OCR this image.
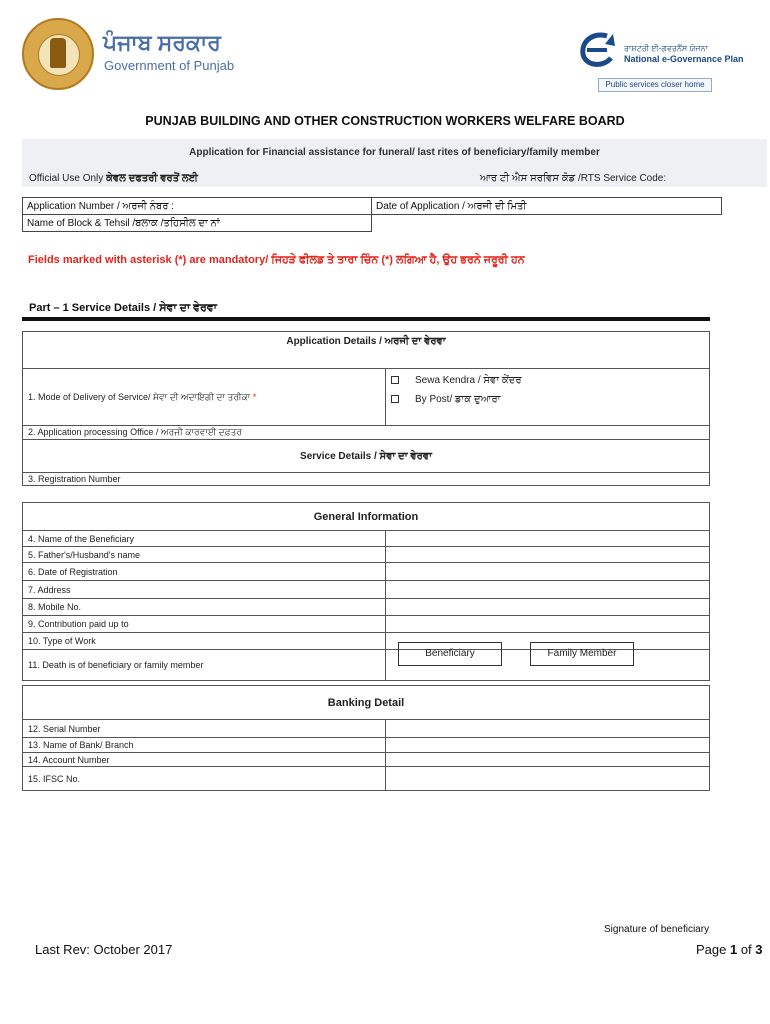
ਪੰਜਾਬ ਸਰਕਾਰ
Government of Punjab
ਰਾਸ਼ਟਰੀ ਈ-ਗਵਰਨੈਂਸ ਯੋਜਨਾ
National e-Governance Plan
Public services closer home
PUNJAB BUILDING AND OTHER CONSTRUCTION WORKERS WELFARE BOARD
Application for Financial assistance for funeral/ last rites of beneficiary/family member
Official Use Only ਕੇਵਲ ਦਫਤਰੀ ਵਰਤੋਂ ਲਈ	ਆਰ ਟੀ ਐਸ ਸਰਵਿਸ ਕੋਡ /RTS Service Code:
Application Number / ਅਰਜੀ ਨੰਬਰ :	Date of Application / ਅਰਜੀ ਦੀ ਮਿਤੀ
Name of Block & Tehsil /ਬਲਾਕ /ਤਹਿਸੀਲ ਦਾ ਨਾਂ	
Fields marked with asterisk (*) are mandatory/ ਜਿਹੜੇ ਫੀਲਡ ਤੇ ਤਾਰਾ ਚਿੰਨ (*) ਲਗਿਆ ਹੈ, ਉਹ ਭਰਨੇ ਜਰੂਰੀ ਹਨ
Part – 1 Service Details / ਸੇਵਾ ਦਾ ਵੇਰਵਾ
Application Details / ਅਰਜੀ ਦਾ ਵੇਰਵਾ
1. Mode of Delivery of Service/ ਸੇਵਾ ਦੀ ਅਦਾਇਗੀ ਦਾ ਤਰੀਕਾ *	
Sewa Kendra / ਸੇਵਾ ਕੇਂਦਰ
By Post/ ਡਾਕ ਦੁਆਰਾ

2. Application processing Office / ਅਰਜੀ ਕਾਰਵਾਈ ਦਫ਼ਤਰ
Service Details / ਸੇਵਾ ਦਾ ਵੇਰਵਾ
3. Registration Number
General Information	
4. Name of the Beneficiary	
5. Father's/Husband's name	
6. Date of Registration	
7. Address	
8. Mobile No.	
9. Contribution paid up to	
10. Type of Work	
11. Death is of beneficiary or family member	Beneficiary Family Member
Banking Detail	
12. Serial Number	
13. Name of Bank/ Branch	
14. Account Number	
15. IFSC No.	
Signature of beneficiary
Last Rev: October 2017	Page 1 of 3
